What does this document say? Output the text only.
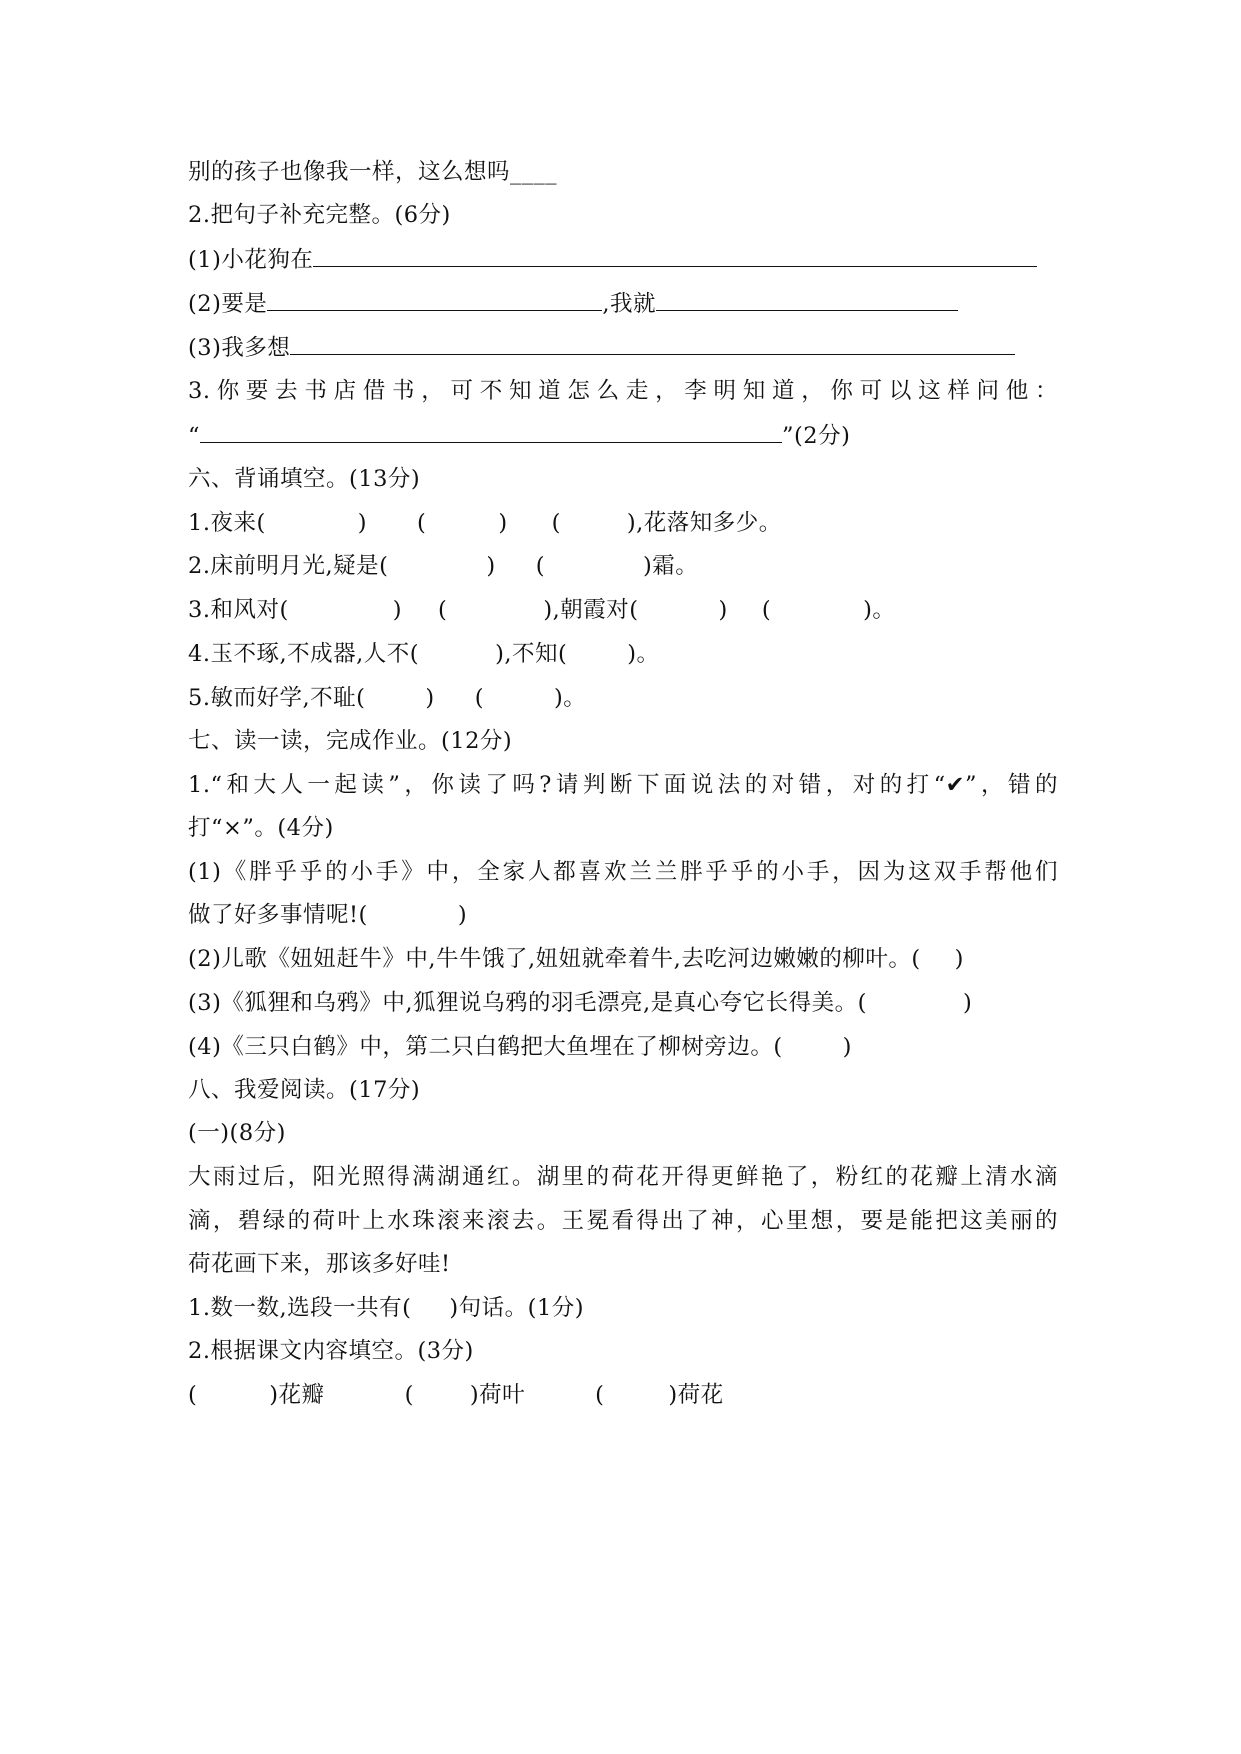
别的孩子也像我一样，这么想吗____
2.把句子补充完整。(6分)
(1)小花狗在
(2)要是	,我就
(3)我多想
3.你要去书店借书，可不知道怎么走，李明知道，你可以这样问他：
“	”(2分)
六、背诵填空。(13分)
1.夜来(	) (	) (	),花落知多少。
2.床前明月光,疑是(	) (	)霜。
3.和风对(	) (	),朝霞对(	) (	)。
4.玉不琢,不成器,人不(	),不知(	)。
5.敏而好学,不耻(	) (	)。
七、读一读，完成作业。(12分)
1.“和大人一起读”，你读了吗?请判断下面说法的对错，对的打“✔”，错的
打“×”。(4分)
(1)《胖乎乎的小手》中，全家人都喜欢兰兰胖乎乎的小手，因为这双手帮他们
做了好多事情呢!(	)
(2)儿歌《妞妞赶牛》中,牛牛饿了,妞妞就牵着牛,去吃河边嫩嫩的柳叶。( )
(3)《狐狸和乌鸦》中,狐狸说乌鸦的羽毛漂亮,是真心夸它长得美。(	)
(4)《三只白鹤》中，第二只白鹤把大鱼埋在了柳树旁边。(	)
八、我爱阅读。(17分)
(一)(8分)
大雨过后，阳光照得满湖通红。湖里的荷花开得更鲜艳了，粉红的花瓣上清水滴
滴，碧绿的荷叶上水珠滚来滚去。王冕看得出了神，心里想，要是能把这美丽的
荷花画下来，那该多好哇!
1.数一数,选段一共有( )句话。(1分)
2.根据课文内容填空。(3分)
(	)花瓣	( )荷叶	(	)荷花
